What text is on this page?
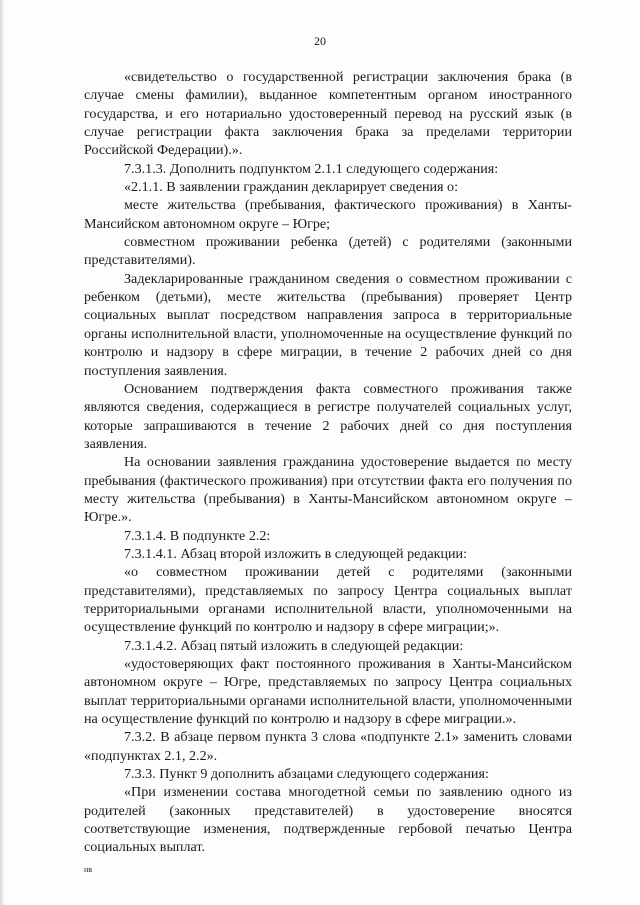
20

«свидетельство о государственной регистрации заключения брака (в случае смены фамилии), выданное компетентным органом иностранного государства, и его нотариально удостоверенный перевод на русский язык (в случае регистрации факта заключения брака за пределами территории Российской Федерации).».

7.3.1.3. Дополнить подпунктом 2.1.1 следующего содержания:

«2.1.1. В заявлении гражданин декларирует сведения о:

месте жительства (пребывания, фактического проживания) в Ханты-Мансийском автономном округе – Югре;

совместном проживании ребенка (детей) с родителями (законными представителями).

Задекларированные гражданином сведения о совместном проживании с ребенком (детьми), месте жительства (пребывания) проверяет Центр социальных выплат посредством направления запроса в территориальные органы исполнительной власти, уполномоченные на осуществление функций по контролю и надзору в сфере миграции, в течение 2 рабочих дней со дня поступления заявления.

Основанием подтверждения факта совместного проживания также являются сведения, содержащиеся в регистре получателей социальных услуг, которые запрашиваются в течение 2 рабочих дней со дня поступления заявления.

На основании заявления гражданина удостоверение выдается по месту пребывания (фактического проживания) при отсутствии факта его получения по месту жительства (пребывания) в Ханты-Мансийском автономном округе – Югре.».

7.3.1.4. В подпункте 2.2:

7.3.1.4.1. Абзац второй изложить в следующей редакции:

«о совместном проживании детей с родителями (законными представителями), представляемых по запросу Центра социальных выплат территориальными органами исполнительной власти, уполномоченными на осуществление функций по контролю и надзору в сфере миграции;».

7.3.1.4.2. Абзац пятый изложить в следующей редакции:

«удостоверяющих факт постоянного проживания в Ханты-Мансийском автономном округе – Югре, представляемых по запросу Центра социальных выплат территориальными органами исполнительной власти, уполномоченными на осуществление функций по контролю и надзору в сфере миграции.».

7.3.2. В абзаце первом пункта 3 слова «подпункте 2.1» заменить словами «подпунктах 2.1, 2.2».

7.3.3. Пункт 9 дополнить абзацами следующего содержания:

«При изменении состава многодетной семьи по заявлению одного из родителей (законных представителей) в удостоверение вносятся соответствующие изменения, подтвержденные гербовой печатью Центра социальных выплат.

нв
